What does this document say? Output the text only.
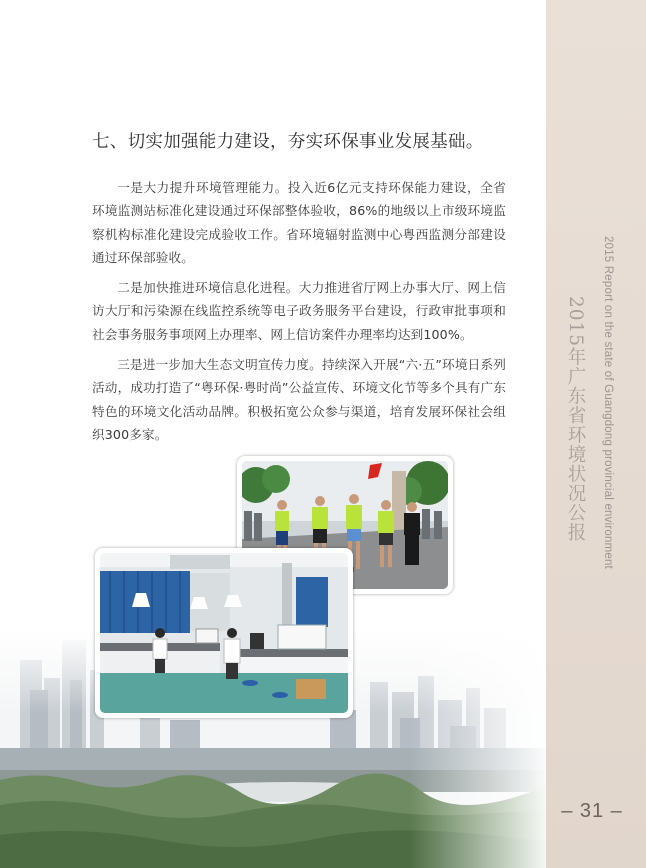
2015 Report on the state of Guangdong provincial environment
2015年广东省环境状况公报
七、切实加强能力建设，夯实环保事业发展基础。

一是大力提升环境管理能力。投入近6亿元支持环保能力建设，全省环境监测站标准化建设通过环保部整体验收，86%的地级以上市级环境监察机构标准化建设完成验收工作。省环境辐射监测中心粤西监测分部建设通过环保部验收。

二是加快推进环境信息化进程。大力推进省厅网上办事大厅、网上信访大厅和污染源在线监控系统等电子政务服务平台建设，行政审批事项和社会事务服务事项网上办理率、网上信访案件办理率均达到100%。

三是进一步加大生态文明宣传力度。持续深入开展“六·五”环境日系列活动，成功打造了“粤环保·粤时尚”公益宣传、环境文化节等多个具有广东特色的环境文化活动品牌。积极拓宽公众参与渠道，培育发展环保社会组织300多家。

– 31 –
